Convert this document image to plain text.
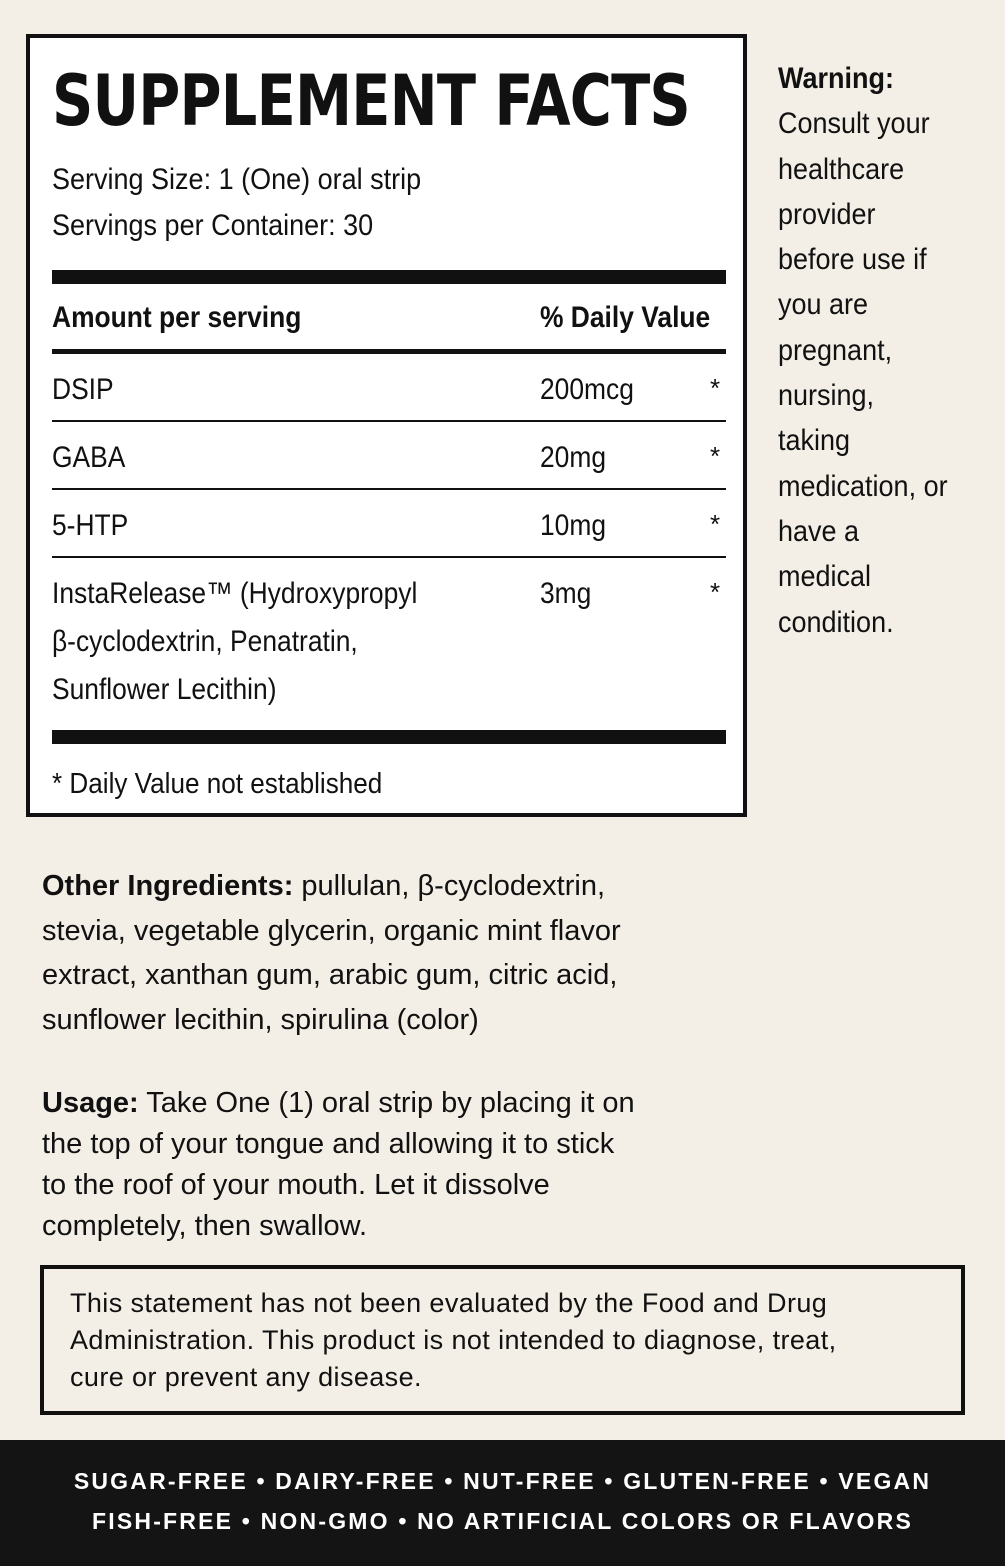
SUPPLEMENT FACTS
Serving Size: 1 (One) oral strip
Servings per Container: 30
Amount per serving	% Daily Value
DSIP	200mcg	*
GABA	20mg	*
5-HTP	10mg	*
InstaRelease™ (Hydroxypropyl
β-cyclodextrin, Penatratin,
Sunflower Lecithin)
3mg	*
* Daily Value not established
Warning:
Consult your
healthcare
provider
before use if
you are
pregnant,
nursing,
taking
medication, or
have a
medical
condition.
Other Ingredients: pullulan, β-cyclodextrin,
stevia, vegetable glycerin, organic mint flavor
extract, xanthan gum, arabic gum, citric acid,
sunflower lecithin, spirulina (color)
Usage: Take One (1) oral strip by placing it on
the top of your tongue and allowing it to stick
to the roof of your mouth. Let it dissolve
completely, then swallow.
This statement has not been evaluated by the Food and Drug
Administration. This product is not intended to diagnose, treat,
cure or prevent any disease.
SUGAR-FREE • DAIRY-FREE • NUT-FREE • GLUTEN-FREE • VEGAN
FISH-FREE • NON-GMO • NO ARTIFICIAL COLORS OR FLAVORS
